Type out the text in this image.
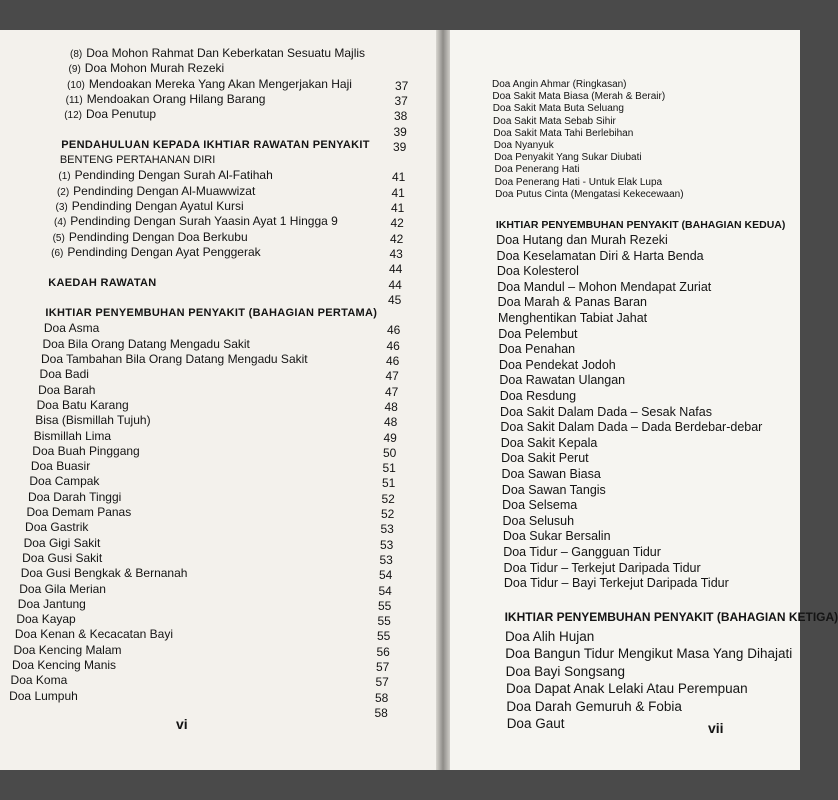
vi
(8) Doa Mohon Rahmat Dan Keberkatan Sesuatu Majlis
(9) Doa Mohon Murah Rezeki
(10) Mendoakan Mereka Yang Akan Mengerjakan Haji	37
(11) Mendoakan Orang Hilang Barang	37
(12) Doa Penutup	38
39
PENDAHULUAN KEPADA IKHTIAR RAWATAN PENYAKIT 39
BENTENG PERTAHANAN DIRI
(1) Pendinding Dengan Surah Al-Fatihah	41
(2) Pendinding Dengan Al-Muawwizat	41
(3) Pendinding Dengan Ayatul Kursi	41
(4) Pendinding Dengan Surah Yaasin Ayat 1 Hingga 9	42
(5) Pendinding Dengan Doa Berkubu	42
(6) Pendinding Dengan Ayat Penggerak	43
44
KAEDAH RAWATAN	44
45
IKHTIAR PENYEMBUHAN PENYAKIT (BAHAGIAN PERTAMA)
Doa Asma	46
Doa Bila Orang Datang Mengadu Sakit	46
Doa Tambahan Bila Orang Datang Mengadu Sakit	46
Doa Badi	47
Doa Barah	47
Doa Batu Karang	48
Bisa (Bismillah Tujuh)	48
Bismillah Lima	49
Doa Buah Pinggang	50
Doa Buasir	51
Doa Campak	51
Doa Darah Tinggi	52
Doa Demam Panas	52
Doa Gastrik	53
Doa Gigi Sakit	53
Doa Gusi Sakit	53
Doa Gusi Bengkak & Bernanah	54
Doa Gila Merian	54
Doa Jantung	55
Doa Kayap	55
Doa Kenan & Kecacatan Bayi	55
Doa Kencing Malam	56
Doa Kencing Manis	57
Doa Koma	57
Doa Lumpuh	58
58
vii
Doa Angin Ahmar (Ringkasan)
Doa Sakit Mata Biasa (Merah & Berair)
Doa Sakit Mata Buta Seluang
Doa Sakit Mata Sebab Sihir
Doa Sakit Mata Tahi Berlebihan
Doa Nyanyuk
Doa Penyakit Yang Sukar Diubati
Doa Penerang Hati
Doa Penerang Hati - Untuk Elak Lupa
Doa Putus Cinta (Mengatasi Kekecewaan)
IKHTIAR PENYEMBUHAN PENYAKIT (BAHAGIAN KEDUA)
Doa Hutang dan Murah Rezeki
Doa Keselamatan Diri & Harta Benda
Doa Kolesterol
Doa Mandul – Mohon Mendapat Zuriat
Doa Marah & Panas Baran
Menghentikan Tabiat Jahat
Doa Pelembut
Doa Penahan
Doa Pendekat Jodoh
Doa Rawatan Ulangan
Doa Resdung
Doa Sakit Dalam Dada – Sesak Nafas
Doa Sakit Dalam Dada – Dada Berdebar-debar
Doa Sakit Kepala
Doa Sakit Perut
Doa Sawan Biasa
Doa Sawan Tangis
Doa Selsema
Doa Selusuh
Doa Sukar Bersalin
Doa Tidur – Gangguan Tidur
Doa Tidur – Terkejut Daripada Tidur
Doa Tidur – Bayi Terkejut Daripada Tidur
IKHTIAR PENYEMBUHAN PENYAKIT (BAHAGIAN KETIGA)
Doa Alih Hujan
Doa Bangun Tidur Mengikut Masa Yang Dihajati
Doa Bayi Songsang
Doa Dapat Anak Lelaki Atau Perempuan
Doa Darah Gemuruh & Fobia
Doa Gaut
